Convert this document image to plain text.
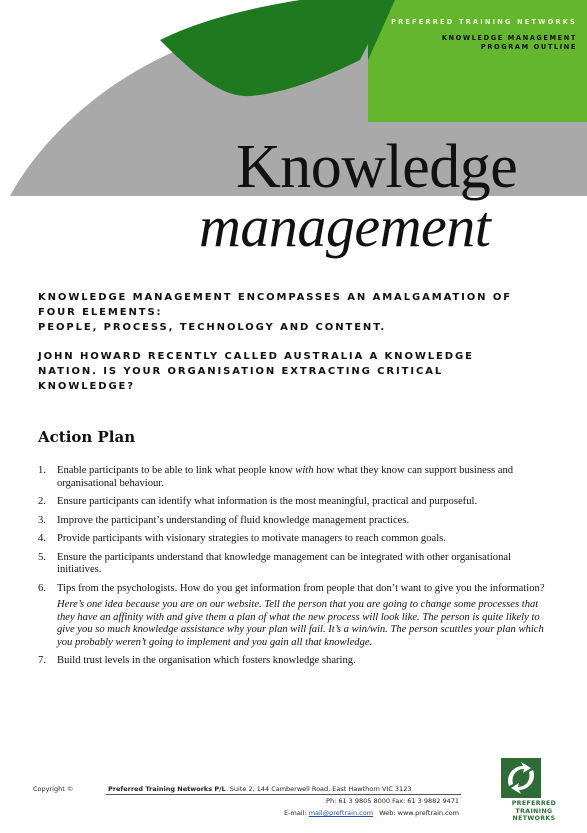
PREFERRED TRAINING NETWORKS
KNOWLEDGE MANAGEMENT
PROGRAM OUTLINE
Knowledge
management

KNOWLEDGE MANAGEMENT ENCOMPASSES AN AMALGAMATION OF
FOUR ELEMENTS:
PEOPLE, PROCESS, TECHNOLOGY AND CONTENT.

JOHN HOWARD RECENTLY CALLED AUSTRALIA A KNOWLEDGE
NATION. IS YOUR ORGANISATION EXTRACTING CRITICAL
KNOWLEDGE?

Action Plan
1. Enable participants to be able to link what people know with how what they know can support business and organisational behaviour.
2. Ensure participants can identify what information is the most meaningful, practical and purposeful.
3. Improve the participant’s understanding of fluid knowledge management practices.
4. Provide participants with visionary strategies to motivate managers to reach common goals.
5. Ensure the participants understand that knowledge management can be integrated with other organisational initiatives.
6. Tips from the psychologists. How do you get information from people that don’t want to give you the information?
Here’s one idea because you are on our website. Tell the person that you are going to change some processes that they have an affinity with and give them a plan of what the new process will look like. The person is quite likely to give you so much knowledge assistance why your plan will fail. It’s a win/win. The person scuttles your plan which you probably weren’t going to implement and you gain all that knowledge.
7. Build trust levels in the organisation which fosters knowledge sharing.
Copyright ©	Preferred Training Networks P/L Suite 2, 144 Camberwell Road, East Hawthorn VIC 3123
Ph: 61 3 9805 8000 Fax: 61 3 9882 9471
E-mail: mail@preftrain.com Web: www.preftrain.com
PREFERRED TRAINING
NETWORKS
